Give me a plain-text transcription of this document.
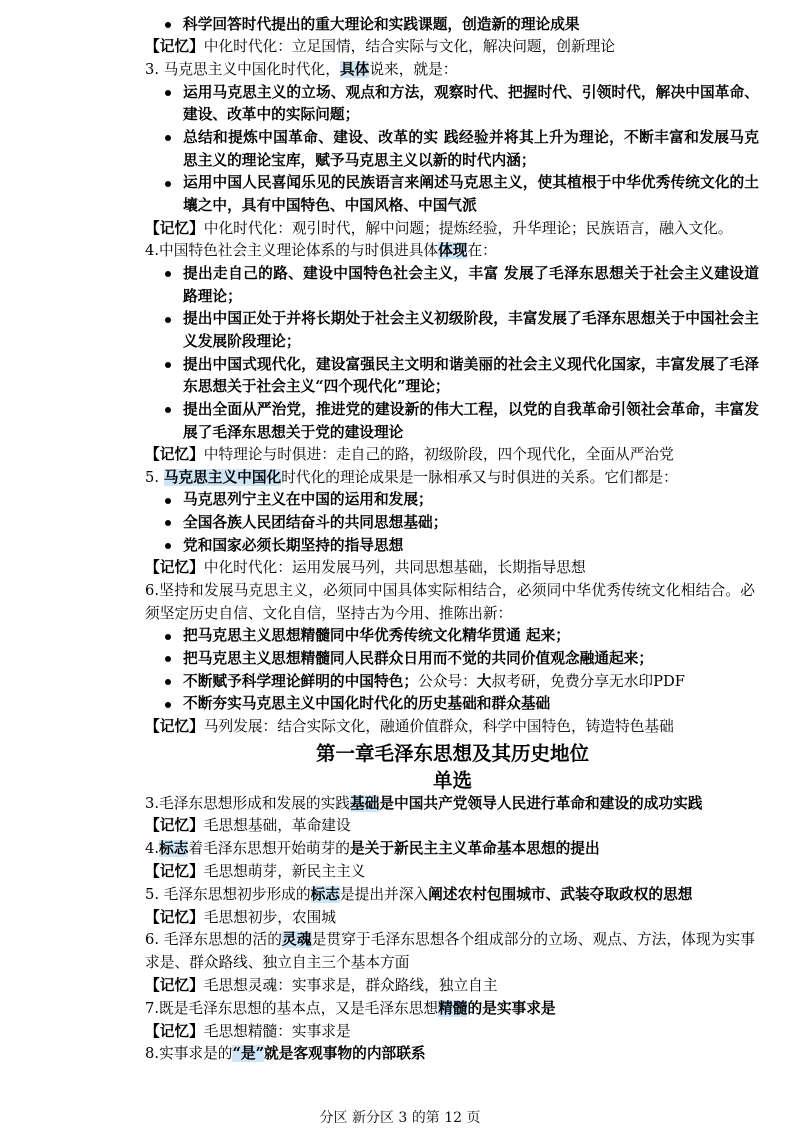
科学回答时代提出的重大理论和实践课题，创造新的理论成果
【记忆】中化时代化：立足国情，结合实际与文化，解决问题，创新理论
3. 马克思主义中国化时代化，具体说来，就是：
运用马克思主义的立场、观点和方法，观察时代、把握时代、引领时代，解决中国革命、建设、改革中的实际问题；
总结和提炼中国革命、建设、改革的实 践经验并将其上升为理论，不断丰富和发展马克思主义的理论宝库，赋予马克思主义以新的时代内涵；
运用中国人民喜闻乐见的民族语言来阐述马克思主义，使其植根于中华优秀传统文化的土壤之中，具有中国特色、中国风格、中国气派
【记忆】中化时代化：观引时代，解中问题；提炼经验，升华理论；民族语言，融入文化。
4.中国特色社会主义理论体系的与时俱进具体体现在：
提出走自己的路、建设中国特色社会主义，丰富 发展了毛泽东思想关于社会主义建设道路理论；
提出中国正处于并将长期处于社会主义初级阶段，丰富发展了毛泽东思想关于中国社会主义发展阶段理论；
提出中国式现代化，建设富强民主文明和谐美丽的社会主义现代化国家，丰富发展了毛泽东思想关于社会主义“四个现代化”理论；
提出全面从严治党，推进党的建设新的伟大工程，以党的自我革命引领社会革命，丰富发展了毛泽东思想关于党的建设理论
【记忆】中特理论与时俱进：走自己的路，初级阶段，四个现代化，全面从严治党
5. 马克思主义中国化时代化的理论成果是一脉相承又与时俱进的关系。它们都是：
马克思列宁主义在中国的运用和发展；
全国各族人民团结奋斗的共同思想基础；
党和国家必须长期坚持的指导思想
【记忆】中化时代化：运用发展马列，共同思想基础，长期指导思想
6.坚持和发展马克思主义，必须同中国具体实际相结合，必须同中华优秀传统文化相结合。必须坚定历史自信、文化自信，坚持古为今用、推陈出新：
把马克思主义思想精髓同中华优秀传统文化精华贯通 起来；
把马克思主义思想精髓同人民群众日用而不觉的共同价值观念融通起来；
不断赋予科学理论鲜明的中国特色；公众号：大叔考研，免费分享无水印PDF
不断夯实马克思主义中国化时代化的历史基础和群众基础
【记忆】马列发展：结合实际文化，融通价值群众，科学中国特色，铸造特色基础
第一章毛泽东思想及其历史地位
单选
3.毛泽东思想形成和发展的实践基础是中国共产党领导人民进行革命和建设的成功实践
【记忆】毛思想基础，革命建设
4.标志着毛泽东思想开始萌芽的是关于新民主主义革命基本思想的提出
【记忆】毛思想萌芽，新民主主义
5. 毛泽东思想初步形成的标志是提出并深入阐述农村包围城市、武装夺取政权的思想
【记忆】毛思想初步，农围城
6. 毛泽东思想的活的灵魂是贯穿于毛泽东思想各个组成部分的立场、观点、方法，体现为实事求是、群众路线、独立自主三个基本方面
【记忆】毛思想灵魂：实事求是，群众路线，独立自主
7.既是毛泽东思想的基本点，又是毛泽东思想精髓的是实事求是
【记忆】毛思想精髓：实事求是
8.实事求是的“是”就是客观事物的内部联系
分区 新分区 3 的第 12 页
